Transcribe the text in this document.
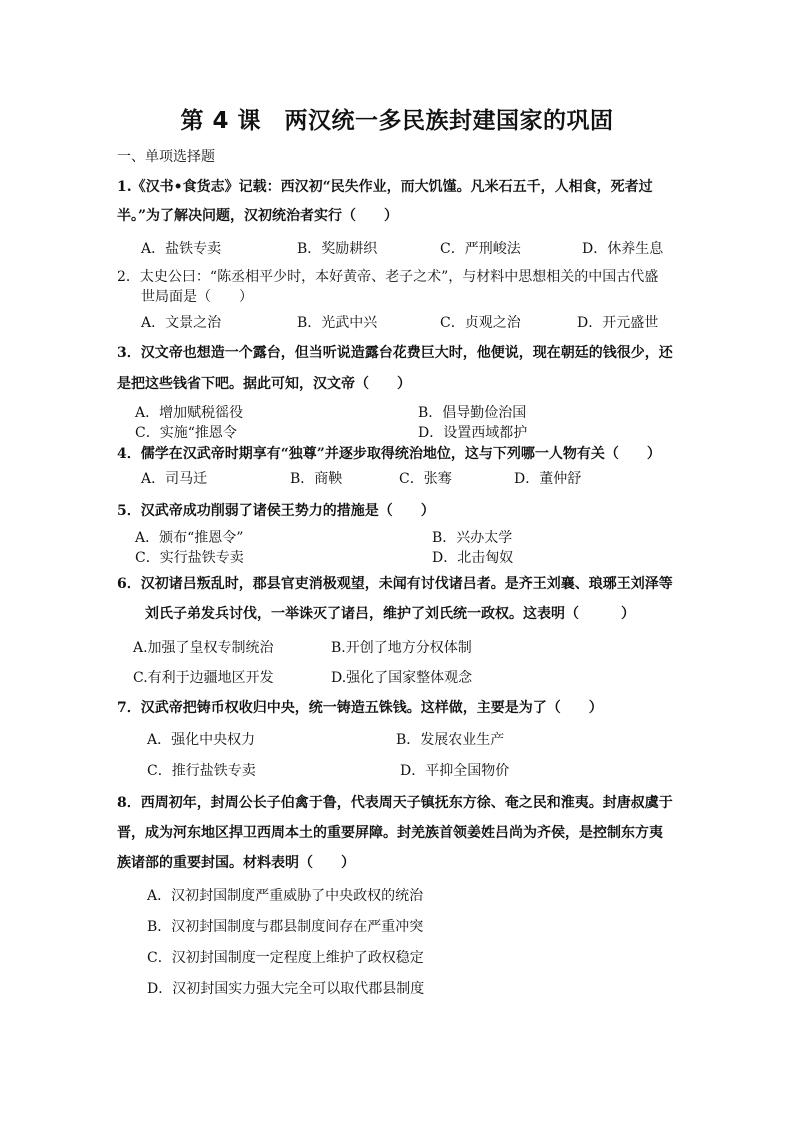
第 4 课　两汉统一多民族封建国家的巩固
一、单项选择题
1.《汉书•食货志》记载：西汉初“民失作业，而大饥馑。凡米石五千，人相食，死者过
半。”为了解决问题，汉初统治者实行（　　）
A．盐铁专卖	B．奖励耕织	C．严刑峻法	D．休养生息
2．太史公曰：“陈丞相平少时，本好黄帝、老子之术”，与材料中思想相关的中国古代盛
世局面是（　　）
A．文景之治	B．光武中兴	C．贞观之治	D．开元盛世
3．汉文帝也想造一个露台，但当听说造露台花费巨大时，他便说，现在朝廷的钱很少，还
是把这些钱省下吧。据此可知，汉文帝（　　）
A．增加赋税徭役	B．倡导勤俭治国
C．实施“推恩令	D．设置西域都护
4．儒学在汉武帝时期享有“独尊”并逐步取得统治地位，这与下列哪一人物有关（　　）
A．司马迁	B．商鞅	C．张骞	D．董仲舒
5．汉武帝成功削弱了诸侯王势力的措施是（　　）
A．颁布“推恩令”	B．兴办太学
C．实行盐铁专卖	D．北击匈奴
6．汉初诸吕叛乱时，郡县官吏消极观望，未闻有讨伐诸吕者。是齐王刘襄、琅琊王刘泽等
刘氏子弟发兵讨伐，一举诛灭了诸吕，维护了刘氏统一政权。这表明（　　　）
A.加强了皇权专制统治	B.开创了地方分权体制
C.有利于边疆地区开发	D.强化了国家整体观念
7．汉武帝把铸币权收归中央，统一铸造五铢钱。这样做，主要是为了（　　）
A．强化中央权力	B．发展农业生产
C．推行盐铁专卖	D．平抑全国物价
8．西周初年，封周公长子伯禽于鲁，代表周天子镇抚东方徐、奄之民和淮夷。封唐叔虞于
晋，成为河东地区捍卫西周本土的重要屏障。封羌族首领姜姓吕尚为齐侯，是控制东方夷
族诸部的重要封国。材料表明（　　）
A．汉初封国制度严重威胁了中央政权的统治
B．汉初封国制度与郡县制度间存在严重冲突
C．汉初封国制度一定程度上维护了政权稳定
D．汉初封国实力强大完全可以取代郡县制度
